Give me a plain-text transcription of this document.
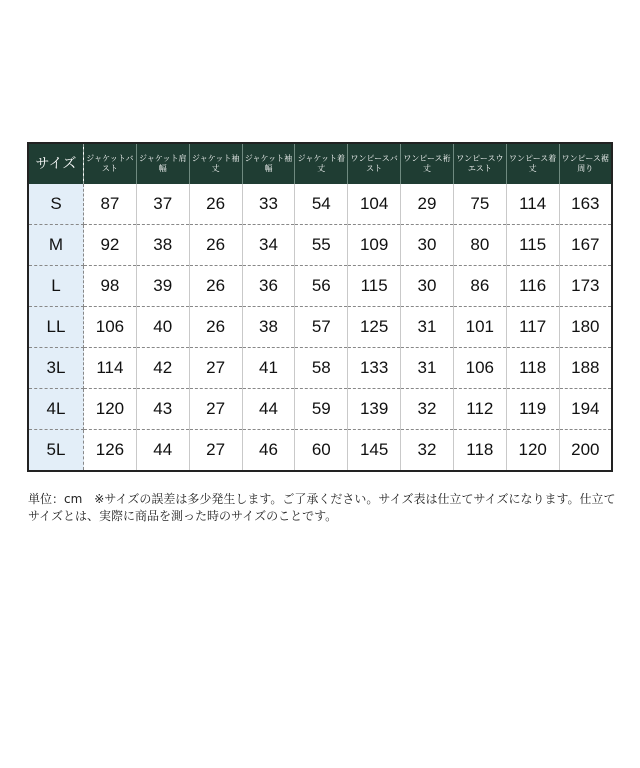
サイズ	ジャケットバスト	ジャケット肩幅	ジャケット袖丈	ジャケット袖幅	ジャケット着丈	ワンピースバスト	ワンピース裄丈	ワンピースウエスト	ワンピース着丈	ワンピース裾周り
S	87	37	26	33	54	104	29	75	114	163
M	92	38	26	34	55	109	30	80	115	167
L	98	39	26	36	56	115	30	86	116	173
LL	106	40	26	38	57	125	31	101	117	180
3L	114	42	27	41	58	133	31	106	118	188
4L	120	43	27	44	59	139	32	112	119	194
5L	126	44	27	46	60	145	32	118	120	200

単位：cm　※サイズの誤差は多少発生します。ご了承ください。サイズ表は仕立てサイズになります。仕立てサイズとは、実際に商品を測った時のサイズのことです。
